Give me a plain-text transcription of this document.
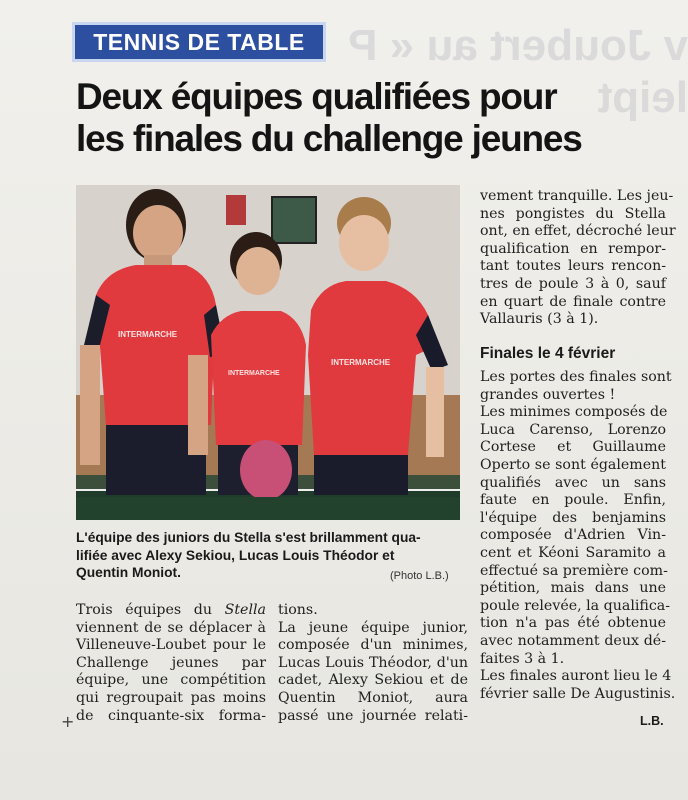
v Joubert au « P
leipt
TENNIS DE TABLE
Deux équipes qualifiées pour
les finales du challenge jeunes
INTERMARCHE
INTERMARCHE
INTERMARCHE
L'équipe des juniors du Stella s'est brillamment qua-
lifiée avec Alexy Sekiou, Lucas Louis Théodor et
Quentin Moniot.	(Photo L.B.)
Trois équipes du Stella
viennent de se déplacer à
Villeneuve-Loubet pour le
Challenge jeunes par
équipe, une compétition
qui regroupait pas moins
de cinquante-six forma-
+
tions.
La jeune équipe junior,
composée d'un minimes,
Lucas Louis Théodor, d'un
cadet, Alexy Sekiou et de
Quentin Moniot, aura
passé une journée relati-
vement tranquille. Les jeu-
nes pongistes du Stella
ont, en effet, décroché leur
qualification en rempor-
tant toutes leurs rencon-
tres de poule 3 à 0, sauf
en quart de finale contre
Vallauris (3 à 1).
Finales le 4 février
Les portes des finales sont
grandes ouvertes !
Les minimes composés de
Luca Carenso, Lorenzo
Cortese et Guillaume
Operto se sont également
qualifiés avec un sans
faute en poule. Enfin,
l'équipe des benjamins
composée d'Adrien Vin-
cent et Kéoni Saramito a
effectué sa première com-
pétition, mais dans une
poule relevée, la qualifica-
tion n'a pas été obtenue
avec notamment deux dé-
faites 3 à 1.
Les finales auront lieu le 4
février salle De Augustinis.
L.B.
